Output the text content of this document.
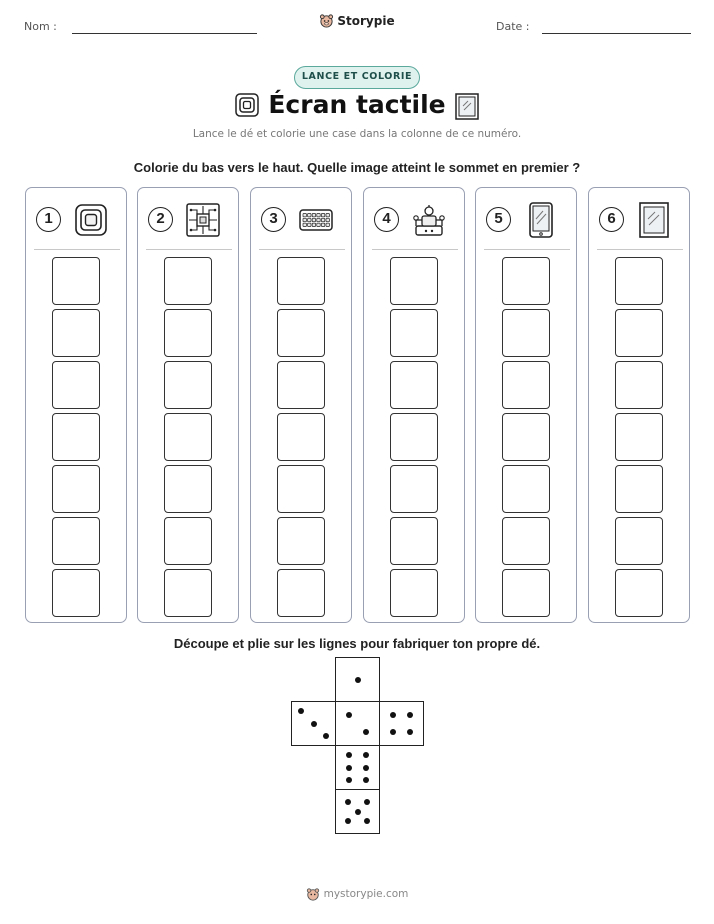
Nom :	Date :
Storypie
LANCE ET COLORIE
Écran tactile
Lance le dé et colorie une case dans la colonne de ce numéro.
Colorie du bas vers le haut. Quelle image atteint le sommet en premier ?
1	2	3	4	5	6
Découpe et plie sur les lignes pour fabriquer ton propre dé.
mystorypie.com
